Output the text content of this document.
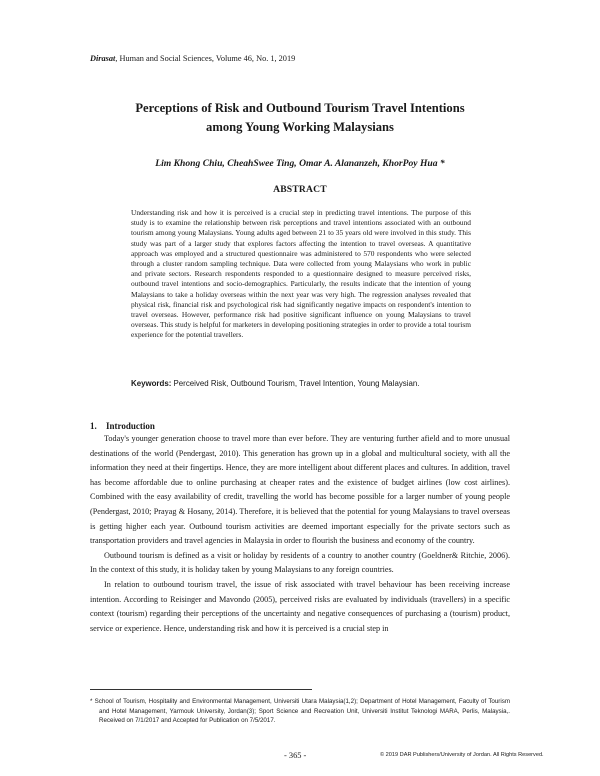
Dirasat, Human and Social Sciences, Volume 46, No. 1, 2019
Perceptions of Risk and Outbound Tourism Travel Intentions
among Young Working Malaysians
Lim Khong Chiu, CheahSwee Ting, Omar A. Alananzeh, KhorPoy Hua *
ABSTRACT

Understanding risk and how it is perceived is a crucial step in predicting travel intentions. The purpose of this study is to examine the relationship between risk perceptions and travel intentions associated with an outbound tourism among young Malaysians. Young adults aged between 21 to 35 years old were involved in this study. This study was part of a larger study that explores factors affecting the intention to travel overseas. A quantitative approach was employed and a structured questionnaire was administered to 570 respondents who were selected through a cluster random sampling technique. Data were collected from young Malaysians who work in public and private sectors. Research respondents responded to a questionnaire designed to measure perceived risks, outbound travel intentions and socio-demographics. Particularly, the results indicate that the intention of young Malaysians to take a holiday overseas within the next year was very high. The regression analyses revealed that physical risk, financial risk and psychological risk had significantly negative impacts on respondent's intention to travel overseas. However, performance risk had positive significant influence on young Malaysians to travel overseas. This study is helpful for marketers in developing positioning strategies in order to provide a total tourism experience for the potential travellers.

Keywords: Perceived Risk, Outbound Tourism, Travel Intention, Young Malaysian.
1. Introduction

Today's younger generation choose to travel more than ever before. They are venturing further afield and to more unusual destinations of the world (Pendergast, 2010). This generation has grown up in a global and multicultural society, with all the information they need at their fingertips. Hence, they are more intelligent about different places and cultures. In addition, travel has become affordable due to online purchasing at cheaper rates and the existence of budget airlines (low cost airlines). Combined with the easy availability of credit, travelling the world has become possible for a larger number of young people (Pendergast, 2010; Prayag & Hosany, 2014). Therefore, it is believed that the potential for young Malaysians to travel overseas is getting higher each year. Outbound tourism activities are deemed important especially for the private sectors such as transportation providers and travel agencies in Malaysia in order to flourish the business and economy of the country.

Outbound tourism is defined as a visit or holiday by residents of a country to another country (Goeldner& Ritchie, 2006). In the context of this study, it is holiday taken by young Malaysians to any foreign countries.

In relation to outbound tourism travel, the issue of risk associated with travel behaviour has been receiving increase intention. According to Reisinger and Mavondo (2005), perceived risks are evaluated by individuals (travellers) in a specific context (tourism) regarding their perceptions of the uncertainty and negative consequences of purchasing a (tourism) product, service or experience. Hence, understanding risk and how it is perceived is a crucial step in

* School of Tourism, Hospitality and Environmental Management, Universiti Utara Malaysia(1,2); Department of Hotel Management, Faculty of Tourism and Hotel Management, Yarmouk University, Jordan(3); Sport Science and Recreation Unit, Universiti Institut Teknologi MARA, Perlis, Malaysia,. Received on 7/1/2017 and Accepted for Publication on 7/5/2017.
- 365 -	© 2019 DAR Publishers/University of Jordan. All Rights Reserved.
